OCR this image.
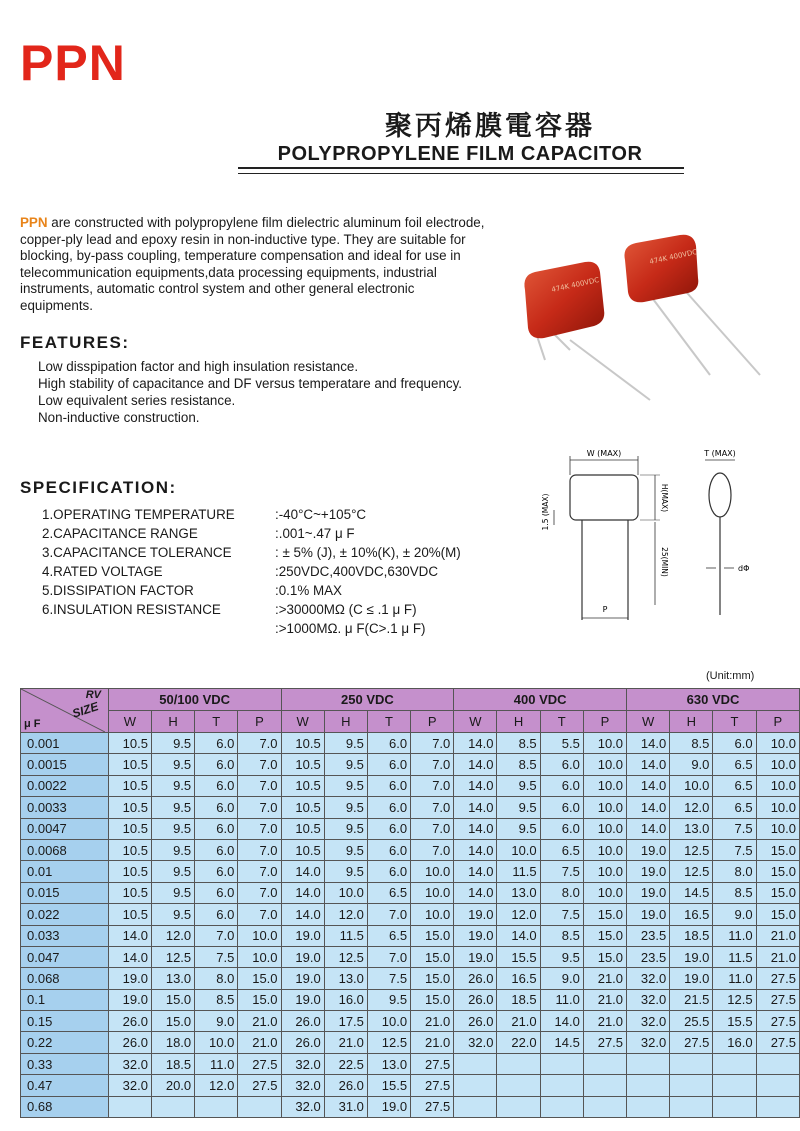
PPN
聚丙烯膜電容器
POLYPROPYLENE FILM CAPACITOR
PPN are constructed with polypropylene film dielectric aluminum foil electrode, copper-ply lead and epoxy resin in non-inductive type. They are suitable for blocking, by-pass coupling, temperature compensation and ideal for use in telecommunication equipments,data processing equipments, industrial instruments, automatic control system and other general electronic equipments.
474K 400VDC
474K 400VDC
FEATURES:
Low disspipation factor and high insulation resistance.
High stability of capacitance and DF versus temperatare and frequency.
Low equivalent series resistance.
Non-inductive construction.
SPECIFICATION:
1.OPERATING TEMPERATURE	:-40°C~+105°C
2.CAPACITANCE RANGE	:.001~.47 μ F
3.CAPACITANCE TOLERANCE	: ± 5% (J), ± 10%(K), ± 20%(M)
4.RATED VOLTAGE	:250VDC,400VDC,630VDC
5.DISSIPATION FACTOR	:0.1% MAX
6.INSULATION RESISTANCE	:>30000MΩ (C ≤ .1 μ F)
:>1000MΩ. μ F(C>.1 μ F)
W (MAX)
H(MAX)
1.5 (MAX)
25(MIN)
P
T (MAX)
dΦ
(Unit:mm)
RV
SIZE
μ F	50/100 VDC				250 VDC				400 VDC				630 VDC			
	W	H	T	P	W	H	T	P	W	H	T	P	W	H	T	P
0.001	10.5	9.5	6.0	7.0	10.5	9.5	6.0	7.0	14.0	8.5	5.5	10.0	14.0	8.5	6.0	10.0
0.0015	10.5	9.5	6.0	7.0	10.5	9.5	6.0	7.0	14.0	8.5	6.0	10.0	14.0	9.0	6.5	10.0
0.0022	10.5	9.5	6.0	7.0	10.5	9.5	6.0	7.0	14.0	9.5	6.0	10.0	14.0	10.0	6.5	10.0
0.0033	10.5	9.5	6.0	7.0	10.5	9.5	6.0	7.0	14.0	9.5	6.0	10.0	14.0	12.0	6.5	10.0
0.0047	10.5	9.5	6.0	7.0	10.5	9.5	6.0	7.0	14.0	9.5	6.0	10.0	14.0	13.0	7.5	10.0
0.0068	10.5	9.5	6.0	7.0	10.5	9.5	6.0	7.0	14.0	10.0	6.5	10.0	19.0	12.5	7.5	15.0
0.01	10.5	9.5	6.0	7.0	14.0	9.5	6.0	10.0	14.0	11.5	7.5	10.0	19.0	12.5	8.0	15.0
0.015	10.5	9.5	6.0	7.0	14.0	10.0	6.5	10.0	14.0	13.0	8.0	10.0	19.0	14.5	8.5	15.0
0.022	10.5	9.5	6.0	7.0	14.0	12.0	7.0	10.0	19.0	12.0	7.5	15.0	19.0	16.5	9.0	15.0
0.033	14.0	12.0	7.0	10.0	19.0	11.5	6.5	15.0	19.0	14.0	8.5	15.0	23.5	18.5	11.0	21.0
0.047	14.0	12.5	7.5	10.0	19.0	12.5	7.0	15.0	19.0	15.5	9.5	15.0	23.5	19.0	11.5	21.0
0.068	19.0	13.0	8.0	15.0	19.0	13.0	7.5	15.0	26.0	16.5	9.0	21.0	32.0	19.0	11.0	27.5
0.1	19.0	15.0	8.5	15.0	19.0	16.0	9.5	15.0	26.0	18.5	11.0	21.0	32.0	21.5	12.5	27.5
0.15	26.0	15.0	9.0	21.0	26.0	17.5	10.0	21.0	26.0	21.0	14.0	21.0	32.0	25.5	15.5	27.5
0.22	26.0	18.0	10.0	21.0	26.0	21.0	12.5	21.0	32.0	22.0	14.5	27.5	32.0	27.5	16.0	27.5
0.33	32.0	18.5	11.0	27.5	32.0	22.5	13.0	27.5								
0.47	32.0	20.0	12.0	27.5	32.0	26.0	15.5	27.5								
0.68					32.0	31.0	19.0	27.5								
